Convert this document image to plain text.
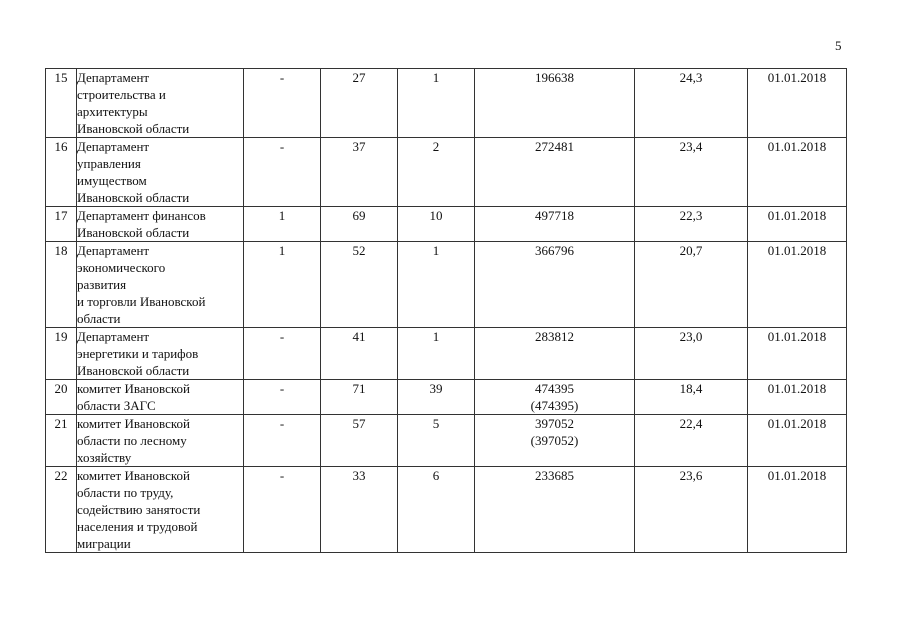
5
15	Департамент
строительства и
архитектуры
Ивановской области	-	27	1	196638	24,3	01.01.2018
16	Департамент
управления
имуществом
Ивановской области	-	37	2	272481	23,4	01.01.2018
17	Департамент финансов
Ивановской области	1	69	10	497718	22,3	01.01.2018
18	Департамент
экономического
развития
и торговли Ивановской
области	1	52	1	366796	20,7	01.01.2018
19	Департамент
энергетики и тарифов
Ивановской области	-	41	1	283812	23,0	01.01.2018
20	комитет Ивановской
области ЗАГС	-	71	39	474395
(474395)	18,4	01.01.2018
21	комитет Ивановской
области по лесному
хозяйству	-	57	5	397052
(397052)	22,4	01.01.2018
22	комитет Ивановской
области по труду,
содействию занятости
населения и трудовой
миграции	-	33	6	233685	23,6	01.01.2018
